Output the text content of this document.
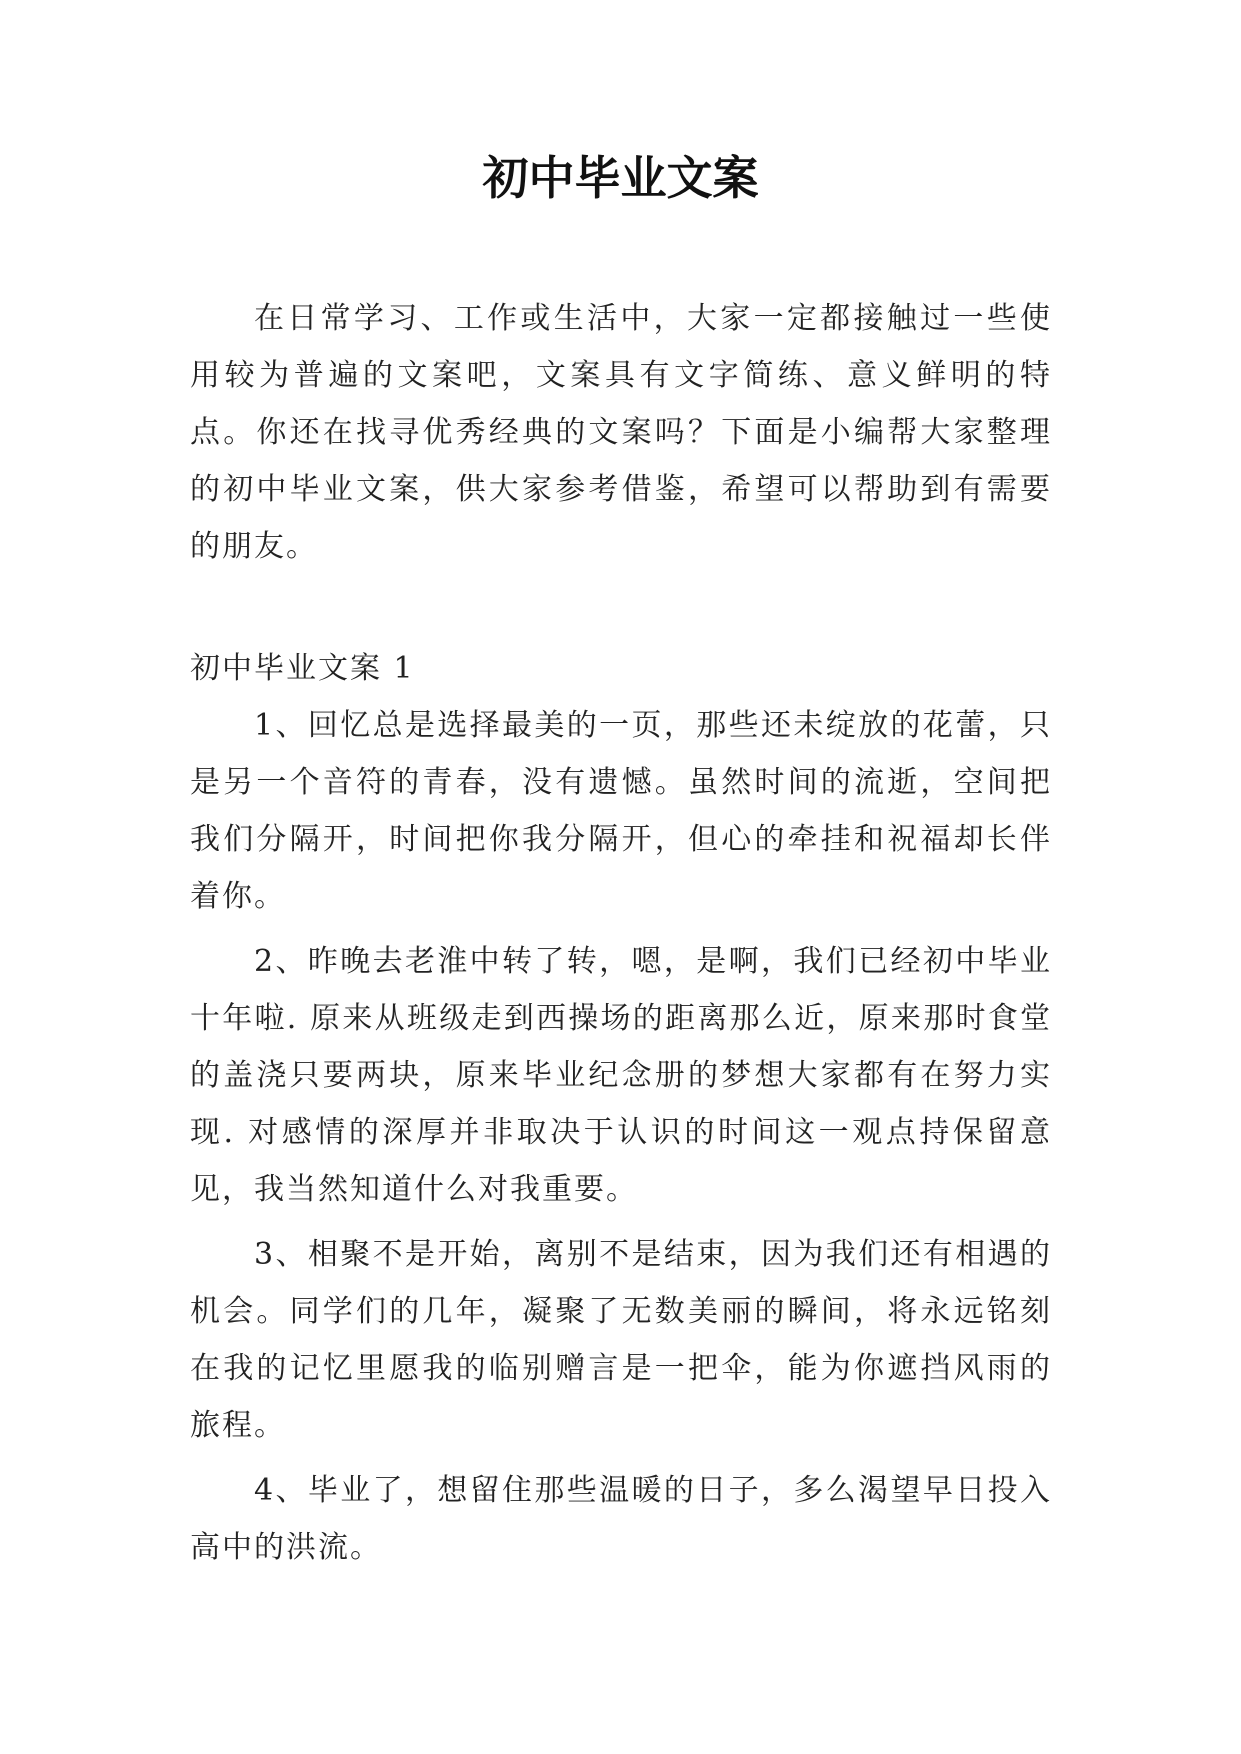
初中毕业文案

在日常学习、工作或生活中，大家一定都接触过一些使用较为普遍的文案吧，文案具有文字简练、意义鲜明的特点。你还在找寻优秀经典的文案吗？下面是小编帮大家整理的初中毕业文案，供大家参考借鉴，希望可以帮助到有需要的朋友。

初中毕业文案 1

1、回忆总是选择最美的一页，那些还未绽放的花蕾，只是另一个音符的青春，没有遗憾。虽然时间的流逝，空间把我们分隔开，时间把你我分隔开，但心的牵挂和祝福却长伴着你。

2、昨晚去老淮中转了转，嗯，是啊，我们已经初中毕业十年啦. 原来从班级走到西操场的距离那么近，原来那时食堂的盖浇只要两块，原来毕业纪念册的梦想大家都有在努力实现. 对感情的深厚并非取决于认识的时间这一观点持保留意见，我当然知道什么对我重要。

3、相聚不是开始，离别不是结束，因为我们还有相遇的机会。同学们的几年，凝聚了无数美丽的瞬间，将永远铭刻在我的记忆里愿我的临别赠言是一把伞，能为你遮挡风雨的旅程。

4、毕业了，想留住那些温暖的日子，多么渴望早日投入高中的洪流。
